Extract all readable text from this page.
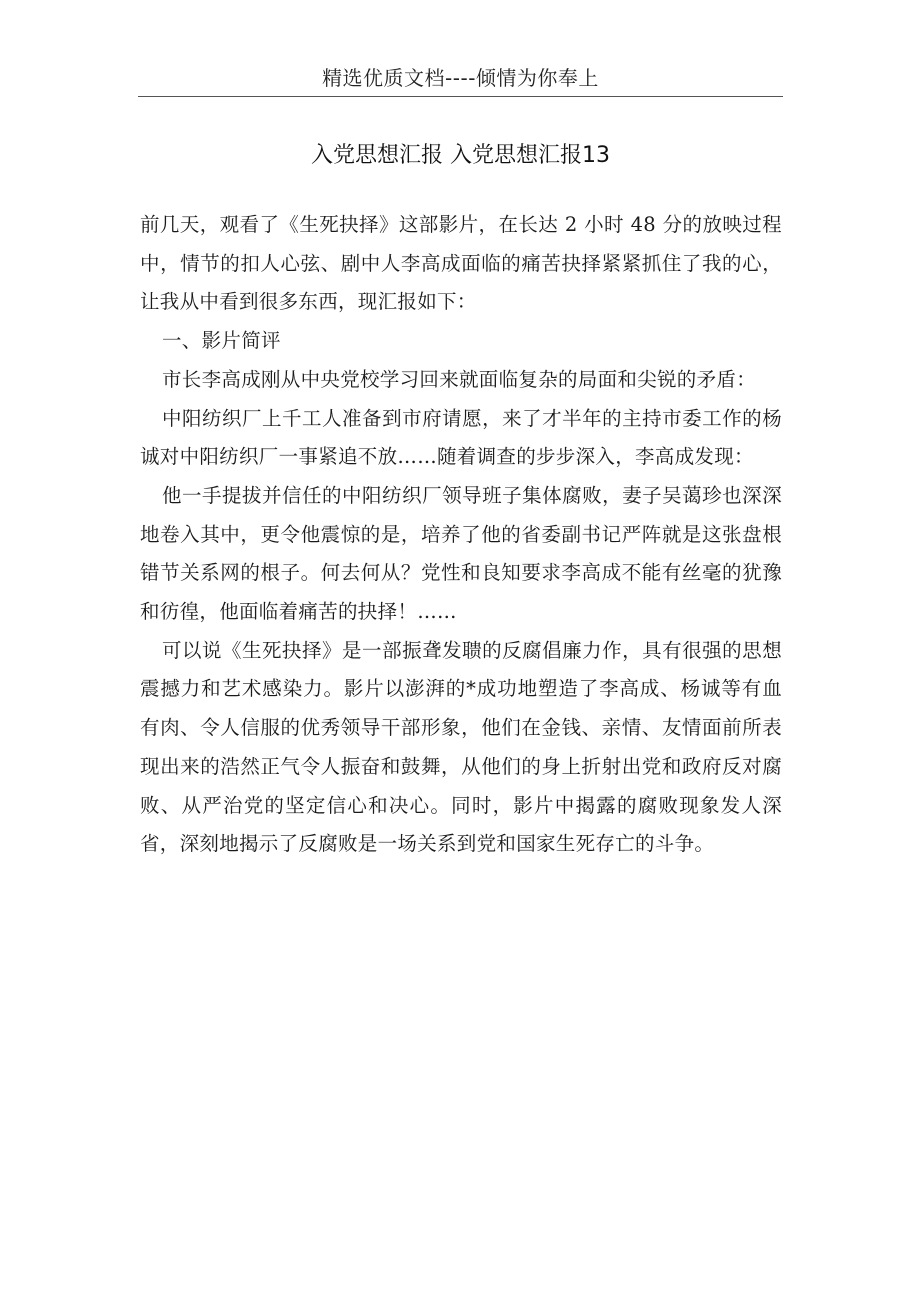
精选优质文档----倾情为你奉上
入党思想汇报 入党思想汇报13

前几天，观看了《生死抉择》这部影片，在长达 2 小时 48 分的放映过程中，情节的扣人心弦、剧中人李高成面临的痛苦抉择紧紧抓住了我的心，让我从中看到很多东西，现汇报如下：

一、影片简评

市长李高成刚从中央党校学习回来就面临复杂的局面和尖锐的矛盾：

中阳纺织厂上千工人准备到市府请愿，来了才半年的主持市委工作的杨诚对中阳纺织厂一事紧追不放……随着调查的步步深入，李高成发现：

他一手提拔并信任的中阳纺织厂领导班子集体腐败，妻子吴蔼珍也深深地卷入其中，更令他震惊的是，培养了他的省委副书记严阵就是这张盘根错节关系网的根子。何去何从？党性和良知要求李高成不能有丝毫的犹豫和彷徨，他面临着痛苦的抉择！……

可以说《生死抉择》是一部振聋发聩的反腐倡廉力作，具有很强的思想震撼力和艺术感染力。影片以澎湃的*成功地塑造了李高成、杨诚等有血有肉、令人信服的优秀领导干部形象，他们在金钱、亲情、友情面前所表现出来的浩然正气令人振奋和鼓舞，从他们的身上折射出党和政府反对腐败、从严治党的坚定信心和决心。同时，影片中揭露的腐败现象发人深省，深刻地揭示了反腐败是一场关系到党和国家生死存亡的斗争。
